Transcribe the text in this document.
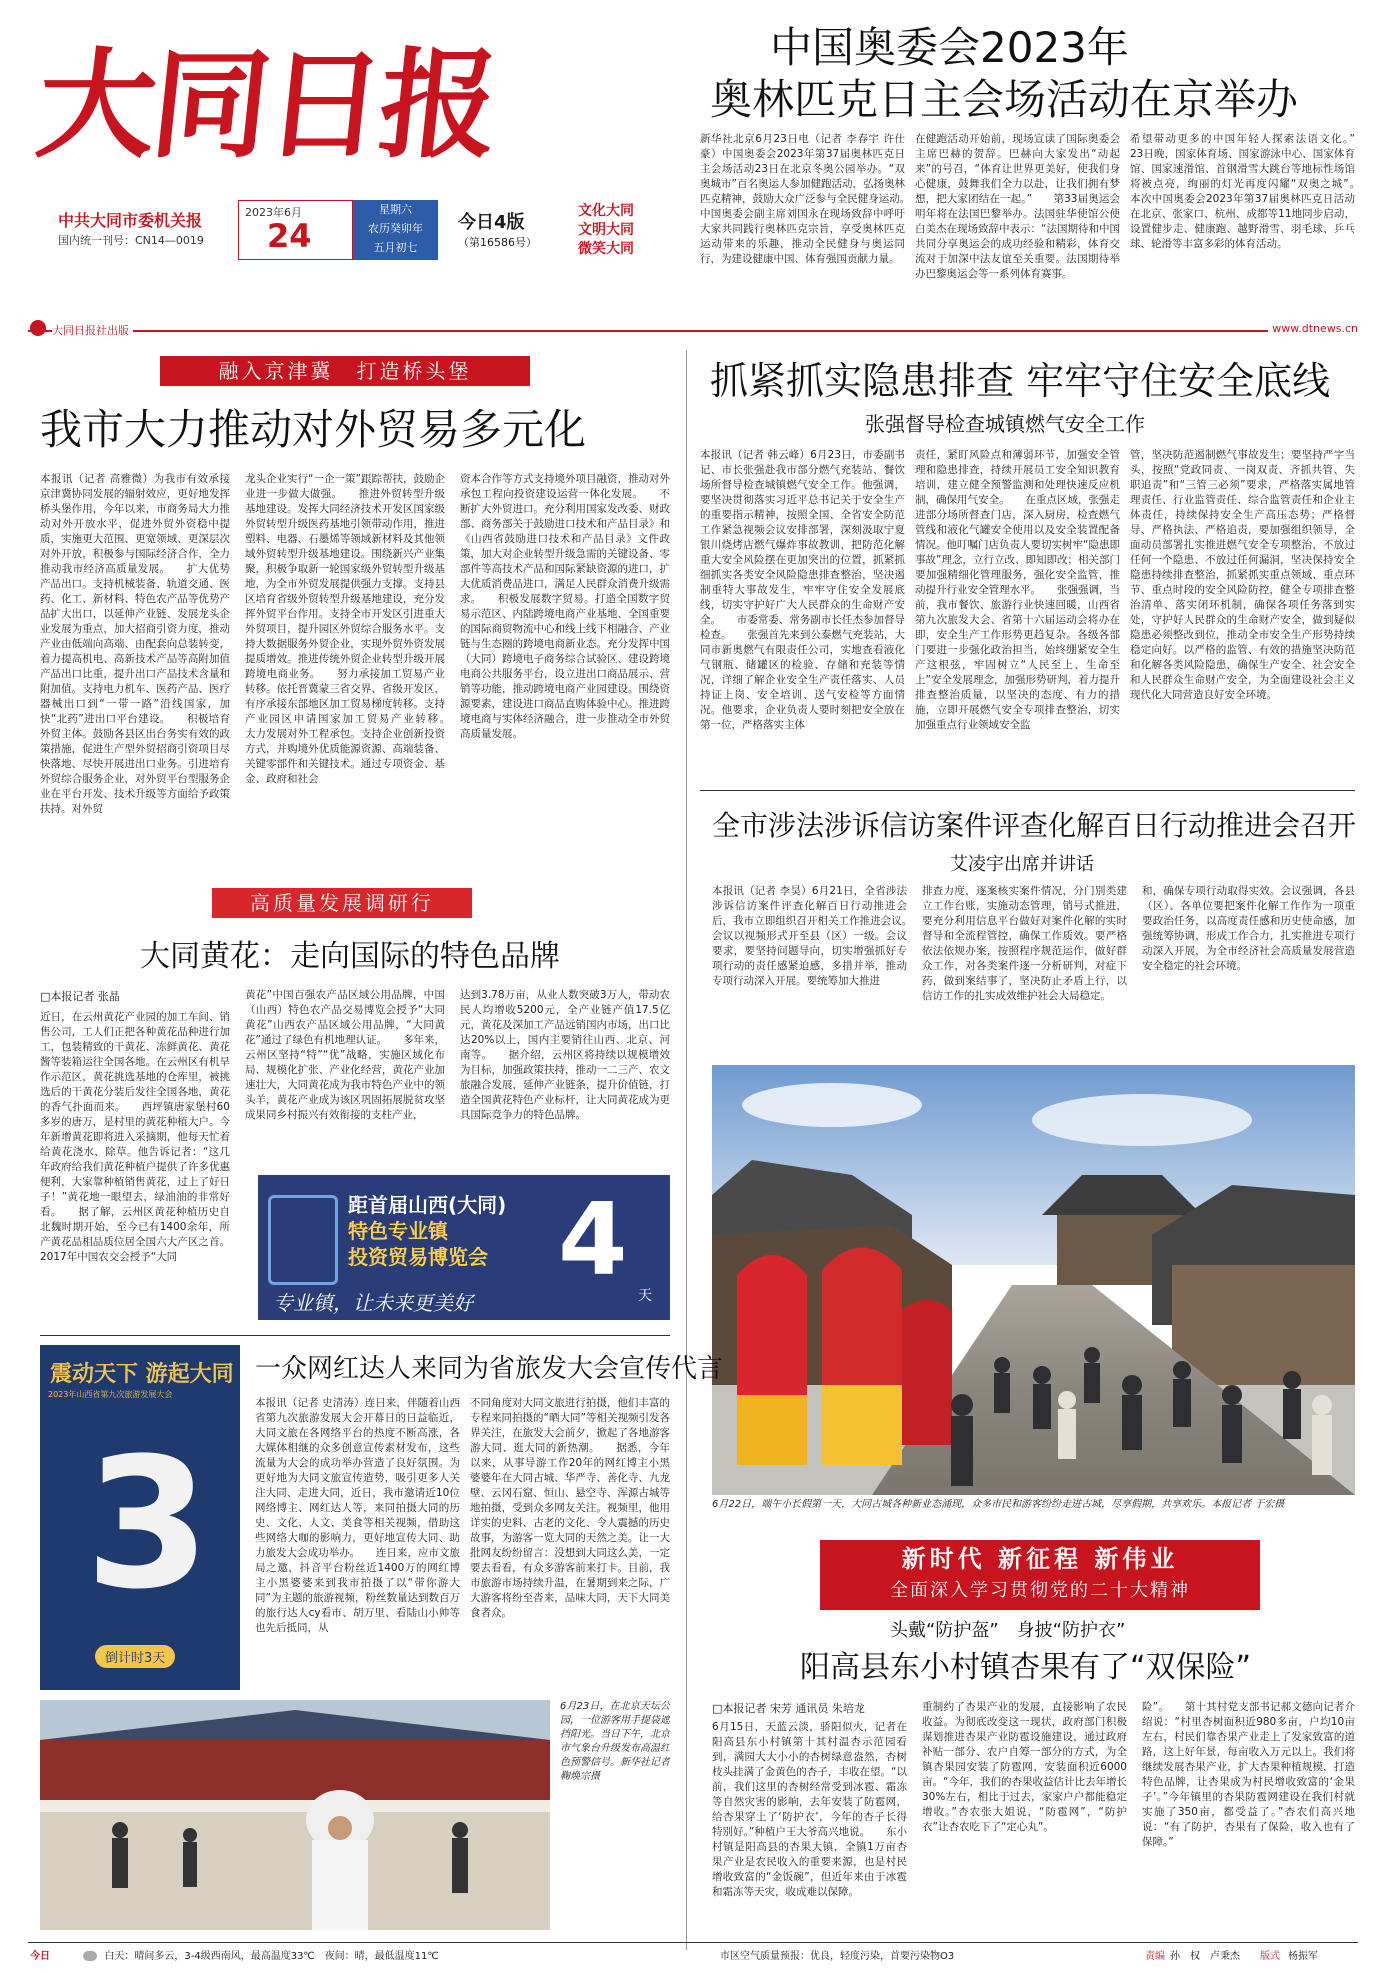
大同日报
中共大同市委机关报
国内统一刊号：CN14—0019
2023年6月
24
星期六
农历癸卯年
五月初七
今日4版
（第16586号）
文化大同
文明大同
微笑大同
大同日报社出版	www.dtnews.cn
中国奥委会2023年
奥林匹克日主会场活动在京举办
新华社北京6月23日电（记者 李春宇 许仕豪）中国奥委会2023年第37届奥林匹克日主会场活动23日在北京冬奥公园举办。“双奥城市”百名奥运人参加健跑活动，弘扬奥林匹克精神，鼓励大众广泛参与全民健身运动。　　中国奥委会副主席刘国永在现场致辞中呼吁大家共同践行奥林匹克宗旨，享受奥林匹克运动带来的乐趣，推动全民健身与奥运同行，为建设健康中国、体育强国贡献力量。
在健跑活动开始前，现场宣读了国际奥委会主席巴赫的贺辞。巴赫向大家发出“动起来”的号召，“体育让世界更美好，使我们身心健康，鼓舞我们全力以赴，让我们拥有梦想，把大家团结在一起。”　　第33届奥运会明年将在法国巴黎举办。法国驻华使馆公使白美杰在现场致辞中表示：“法国期待和中国共同分享奥运会的成功经验和精彩，体育交流对于加深中法友谊至关重要。法国期待举办巴黎奥运会等一系列体育赛事。
希望带动更多的中国年轻人探索法语文化。”　　23日晚，国家体育场、国家游泳中心、国家体育馆、国家速滑馆、首钢滑雪大跳台等地标性场馆将被点亮，绚丽的灯光再度闪耀“双奥之城”。　　本次中国奥委会2023年第37届奥林匹克日活动在北京、张家口、杭州、成都等11地同步启动，设置健步走、健康跑、越野滑雪、羽毛球、乒乓球、轮滑等丰富多彩的体育活动。
融入京津冀　打造桥头堡
我市大力推动对外贸易多元化
本报讯（记者 高雅微）为我市有效承接京津冀协同发展的辐射效应，更好地发挥桥头堡作用，今年以来，市商务局大力推动对外开放水平，促进外贸外资稳中提质，实施更大范围、更宽领域、更深层次对外开放，积极参与国际经济合作，全力推动我市经济高质量发展。　　扩大优势产品出口。支持机械装备、轨道交通、医药、化工、新材料、特色农产品等优势产品扩大出口，以延伸产业链、发展龙头企业发展为重点，加大招商引资力度，推动产业由低端向高端、由配套向总装转变，着力提高机电、高新技术产品等高附加值产品出口比重，提升出口产品技术含量和附加值。支持电力机车、医药产品、医疗器械出口到“一带一路”沿线国家，加快“北药”进出口平台建设。　　积极培育外贸主体。鼓励各县区出台务实有效的政策措施，促进生产型外贸招商引资项目尽快落地、尽快开展进出口业务。引进培育外贸综合服务企业，对外贸平台型服务企业在平台开发、技术升级等方面给予政策扶持。对外贸
龙头企业实行“一企一策”跟踪帮扶，鼓励企业进一步做大做强。　　推进外贸转型升级基地建设。发挥大同经济技术开发区国家级外贸转型升级医药基地引领带动作用，推进塑料、电器、石墨烯等领域新材料及其他领域外贸转型升级基地建设。围绕新兴产业集聚，积极争取新一轮国家级外贸转型升级基地，为全市外贸发展提供强力支撑。支持县区培育省级外贸转型升级基地建设，充分发挥外贸平台作用。支持全市开发区引进重大外贸项目，提升园区外贸综合服务水平。支持大数据服务外贸企业，实现外贸外资发展提质增效。推进传统外贸企业转型升级开展跨境电商业务。　　努力承接加工贸易产业转移。依托晋冀蒙三省交界、省级开发区，有序承接东部地区加工贸易梯度转移。支持产业园区申请国家加工贸易产业转移。　　大力发展对外工程承包。支持企业创新投资方式，并购境外优质能源资源、高端装备、关键零部件和关键技术。通过专项资金、基金、政府和社会
资本合作等方式支持境外项目融资，推动对外承包工程向投资建设运营一体化发展。　　不断扩大外贸进口。充分利用国家发改委、财政部、商务部关于鼓励进口技术和产品目录》和《山西省鼓励进口技术和产品目录》文件政策，加大对企业转型升级急需的关键设备、零部件等高技术产品和国际紧缺资源的进口，扩大优质消费品进口，满足人民群众消费升级需求。　　积极发展数字贸易。打造全国数字贸易示范区、内陆跨境电商产业基地、全国重要的国际商贸物流中心和线上线下相融合、产业链与生态圈的跨境电商新业态。充分发挥中国（大同）跨境电子商务综合试验区、建设跨境电商公共服务平台，设立进出口商品展示、营销等功能，推动跨境电商产业园建设。围绕资源要素，建设进口商品直购体验中心。推进跨境电商与实体经济融合，进一步推动全市外贸高质量发展。
抓紧抓实隐患排查 牢牢守住安全底线
张强督导检查城镇燃气安全工作
本报讯（记者 韩云峰）6月23日，市委副书记、市长张强赴我市部分燃气充装站、餐饮场所督导检查城镇燃气安全工作。他强调，要坚决贯彻落实习近平总书记关于安全生产的重要指示精神，按照全国、全省安全防范工作紧急视频会议安排部署，深刻汲取宁夏银川烧烤店燃气爆炸事故教训，把防范化解重大安全风险摆在更加突出的位置，抓紧抓细抓实各类安全风险隐患排查整治，坚决遏制重特大事故发生，牢牢守住安全发展底线，切实守护好广大人民群众的生命财产安全。　　市委常委、常务副市长任杰参加督导检查。　　张强首先来到公泰燃气充装站，大同市新奥燃气有限责任公司，实地查看液化气钢瓶、储罐区的检验、存储和充装等情况，详细了解企业安全生产责任落实、人员持证上岗、安全培训、送气安检等方面情况。他要求，企业负责人要时刻把安全放在第一位，严格落实主体
责任，紧盯风险点和薄弱环节，加强安全管理和隐患排查，持续开展员工安全知识教育培训，建立健全预警监测和处理快速反应机制，确保用气安全。　　在重点区域，张强走进部分场所督查门店，深入厨房，检查燃气管线和液化气罐安全使用以及安全装置配备情况。他叮嘱门店负责人要切实树牢“隐患即事故”理念，立行立改、即知即改；相关部门要加强精细化管理服务，强化安全监管，推动提升行业安全管理水平。　　张强强调，当前，我市餐饮、旅游行业快速回暖，山西省第九次旅发大会、省第十六届运动会将办在即，安全生产工作形势更趋复杂。各级各部门要进一步强化政治担当，始终绷紧安全生产这根弦，牢固树立“人民至上、生命至上”安全发展理念，加强形势研判，着力提升排查整治质量，以坚决的态度、有力的措施，立即开展燃气安全专项排查整治，切实加强重点行业领域安全监
管，坚决防范遏制燃气事故发生；要坚持严字当头，按照“党政同责、一岗双责、齐抓共管、失职追责”和“三管三必须”要求，严格落实属地管理责任、行业监管责任、综合监管责任和企业主体责任，持续保持安全生产高压态势；严格督导、严格执法、严格追责，要加强组织领导，全面动员部署扎实推进燃气安全专项整治，不放过任何一个隐患、不放过任何漏洞，坚决保持安全隐患持续排查整治，抓紧抓实重点领域、重点环节、重点时段的安全风险防控，健全专项排查整治清单、落实闭环机制，确保各项任务落到实处，守护好人民群众的生命财产安全，做到疑似隐患必须整改到位，推动全市安全生产形势持续稳定向好。以严格的监管、有效的措施坚决防范和化解各类风险隐患，确保生产安全、社会安全和人民群众生命财产安全，为全面建设社会主义现代化大同营造良好安全环境。
全市涉法涉诉信访案件评查化解百日行动推进会召开
艾凌宇出席并讲话
本报讯（记者 李昊）6月21日，全省涉法涉诉信访案件评查化解百日行动推进会后，我市立即组织召开相关工作推进会议。　　会议以视频形式开至县（区）一级。会议要求，要坚持问题导向，切实增强抓好专项行动的责任感紧迫感，多措并举，推动专项行动深入开展。要统筹加大推进
排查力度，逐案核实案件情况，分门别类建立工作台账，实施动态管理，销号式推进，要充分利用信息平台做好对案件化解的实时督导和全流程管控，确保工作质效。要严格依法依规办案，按照程序规范运作，做好群众工作，对各类案件逐一分析研判，对症下药，做到案结事了，坚决防止矛盾上行，以信访工作的扎实成效维护社会大局稳定。
和，确保专项行动取得实效。会议强调，各县（区）、各单位要把案件化解工作作为一项重要政治任务，以高度责任感和历史使命感，加强统筹协调，形成工作合力，扎实推进专项行动深入开展，为全市经济社会高质量发展营造安全稳定的社会环境。
6月22日，端午小长假第一天，大同古城各种新业态涌现，众多市民和游客纷纷走进古城，尽享假期，共享欢乐。本报记者 于宏摄
高质量发展调研行
大同黄花：走向国际的特色品牌
□本报记者 张晶
近日，在云州黄花产业园的加工车间、销售公司，工人们正把各种黄花品种进行加工，包装精致的干黄花、冻鲜黄花、黄花酱等装箱运往全国各地。在云州区有机旱作示范区，黄花挑选基地的仓库里，被挑选后的干黄花分装后发往全国各地，黄花的香气扑面而来。　　西坪镇唐家堡村60多岁的唐万，是村里的黄花种植大户。今年新增黄花即将进入采摘期，他每天忙着给黄花浇水、除草。他告诉记者：“这几年政府给我们黄花种植户提供了许多优惠便利，大家靠种植销售黄花，过上了好日子！”黄花地一眼望去，绿油油的非常好看。　　据了解，云州区黄花种植历史自北魏时期开始，至今已有1400余年，所产黄花品相品质位居全国六大产区之首。2017年中国农交会授予“大同
黄花”中国百强农产品区域公用品牌，中国（山西）特色农产品交易博览会授予“大同黄花”山西农产品区域公用品牌，“大同黄花”通过了绿色有机地理认证。　　多年来，云州区坚持“特”“优”战略，实施区域化布局、规模化扩张、产业化经营，黄花产业加速壮大，大同黄花成为我市特色产业中的领头羊，黄花产业成为该区巩固拓展脱贫攻坚成果同乡村振兴有效衔接的支柱产业，
达到3.78万亩，从业人数突破3万人，带动农民人均增收5200元，全产业链产值17.5亿元，黄花及深加工产品远销国内市场，出口比达20%以上，国内主要销往山西、北京、河南等。　　据介绍，云州区将持续以规模增效为目标，加强政策扶持，推动一二三产、农文旅融合发展，延伸产业链条，提升价值链，打造全国黄花特色产业标杆，让大同黄花成为更具国际竞争力的特色品牌。
距首届山西(大同)
特色专业镇
投资贸易博览会
专业镇，让未来更美好
4 天
震动天下 游起大同
2023年山西省第九次旅游发展大会
3
倒计时3天
一众网红达人来同为省旅发大会宣传代言
本报讯（记者 史清涛）连日来，伴随着山西省第九次旅游发展大会开幕日的日益临近，大同文旅在各网络平台的热度不断高涨，各大媒体相继的众多创意宣传素材发布，这些流量为大会的成功举办营造了良好氛围。为更好地为大同文旅宣传造势，吸引更多人关注大同、走进大同，近日，我市邀请近10位网络博主、网红达人等，来同拍摄大同的历史、文化、人文、美食等相关视频，借助这些网络大咖的影响力，更好地宣传大同、助力旅发大会成功举办。　　连日来，应市文旅局之邀，抖音平台粉丝近1400万的网红博主小黑婆婆来到我市拍摄了以“带你游大同”为主题的旅游视频，粉丝数量达到数百万的旅行达人cy看市、胡万里、看陆山小帅等也先后抵同，从
不同角度对大同文旅进行拍摄，他们丰富的专程来同拍摄的“晒大同”等相关视频引发各界关注，在旅发大会前夕，掀起了各地游客游大同、逛大同的新热潮。　　据悉，今年以来，从事导游工作20年的网红博主小黑婆婆年在大同古城、华严寺、善化寺、九龙壁、云冈石窟、恒山、悬空寺、浑源古城等地拍摄，受到众多网友关注。视频里，他用详实的史料、古老的文化、令人震撼的历史故事，为游客一览大同的天然之美。让一大批网友纷纷留言：没想到大同这么美，一定要去看看，有众多游客前来打卡。目前，我市旅游市场持续升温，在暑期到来之际，广大游客将纷至沓来，品味大同，天下大同美食者众。
6月23日，在北京天坛公园，一位游客用手提袋遮挡阳光。当日下午，北京市气象台升级发布高温红色预警信号。新华社记者 鞠焕宗摄
新时代 新征程 新伟业
全面深入学习贯彻党的二十大精神
头戴“防护盔”　身披“防护衣”
阳高县东小村镇杏果有了“双保险”
□本报记者 宋芳 通讯员 朱培龙
6月15日，天蓝云淡，骄阳似火，记者在阳高县东小村镇第十其村温杏示范园看到，满园大大小小的杏树绿意盎然，杏树枝头挂满了金黄色的杏子，丰收在望。“以前，我们这里的杏树经常受到冰雹、霜冻等自然灾害的影响，去年安装了防雹网，给杏果穿上了‘防护衣’，今年的杏子长得特别好。”种植户王大爷高兴地说。　　东小村镇是阳高县的杏果大镇，全镇1万亩杏果产业是农民收入的重要来源，也是村民增收致富的“金饭碗”，但近年来由于冰雹和霜冻等天灾，收成难以保障。
重制约了杏果产业的发展，直接影响了农民收益。为彻底改变这一现状，政府部门积极谋划推进杏果产业防雹设施建设，通过政府补贴一部分、农户自筹一部分的方式，为全镇杏果园安装了防雹网，安装面积近6000亩。“今年，我们的杏果收益估计比去年增长30%左右，相比于过去，家家户户都能稳定增收。”杏农张大姐说，“防雹网”，“防护衣”让杏农吃下了“定心丸”。
险”。　　第十其村党支部书记郝文德向记者介绍说：“村里杏树面积近980多亩，户均10亩左右，村民们靠杏果产业走上了发家致富的道路，这上好年景，每亩收入万元以上。我们将继续发展杏果产业，扩大杏果种植规模，打造特色品牌，让杏果成为村民增收致富的‘金果子’。”今年镇里的杏果防雹网建设在我们村就实施了350亩，都受益了。”杏农们高兴地说：“有了防护，杏果有了保险，收入也有了保障。”
今日	白天：晴间多云，3-4级西南风，最高温度33℃　夜间：晴，最低温度11℃	市区空气质量预报：优良，轻度污染，首要污染物O3	责编 孙　权　卢秉杰 版式 杨振军
